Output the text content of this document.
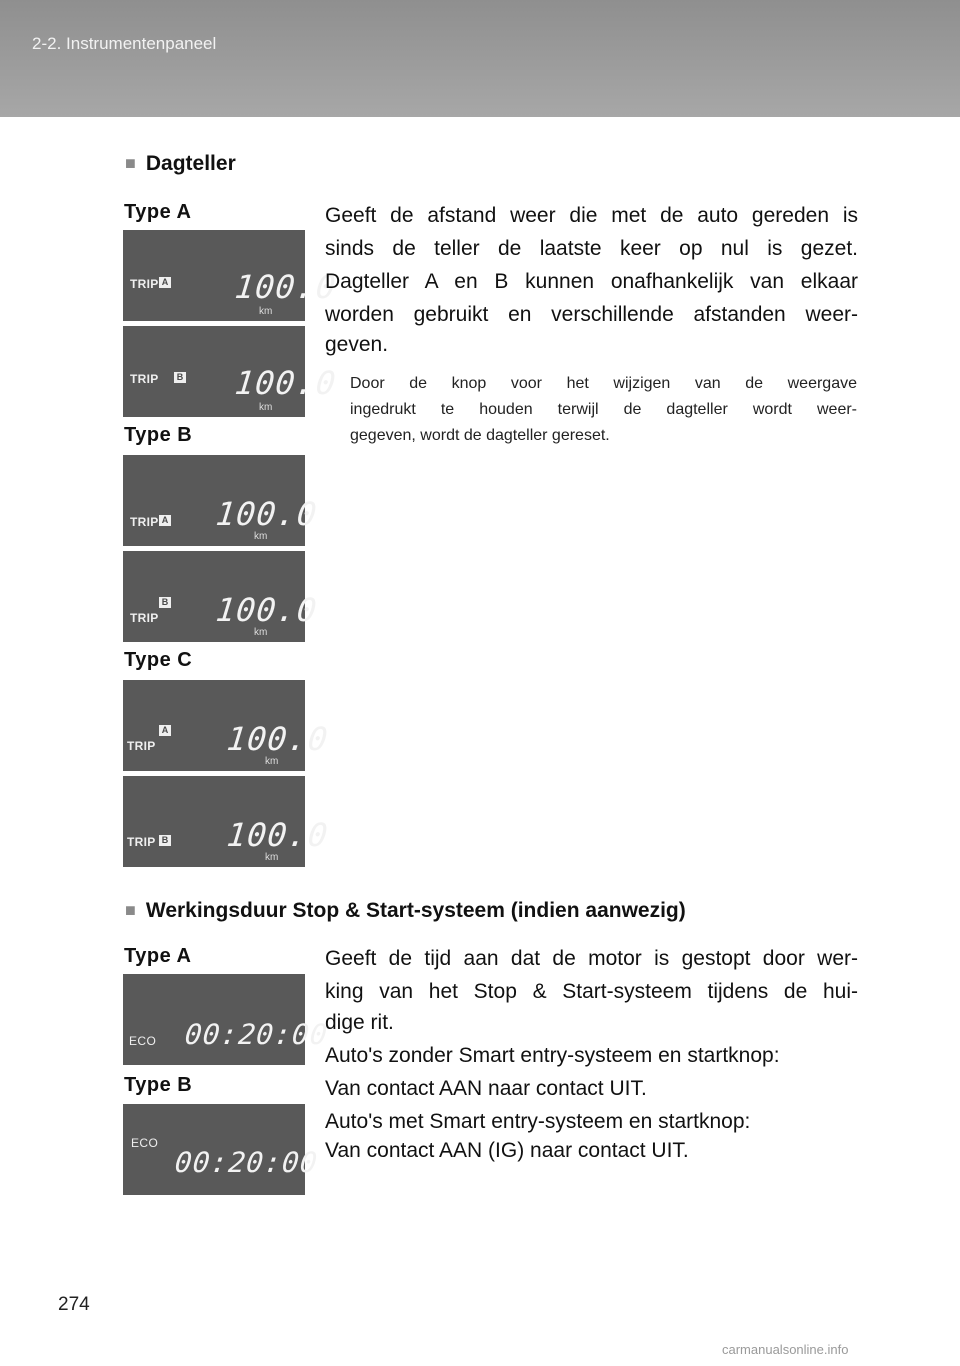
2-2. Instrumentenpaneel
■ Dagteller
Type A
Type B
Type C
TRIP A 100.0
km
TRIP	B 100.0
km
TRIP A 100.0
km
TRIP
B 100.0
km
TRIP
A 100.0
km
TRIP B 100.0
km
Geeft de afstand weer die met de auto gereden is
sinds de teller de laatste keer op nul is gezet.
Dagteller A en B kunnen onafhankelijk van elkaar
worden gebruikt en verschillende afstanden weer-
geven.
Door de knop voor het wijzigen van de weergave
ingedrukt te houden terwijl de dagteller wordt weer-
gegeven, wordt de dagteller gereset.
■ Werkingsduur Stop & Start-systeem (indien aanwezig)
Type A
Type B
ECO 00:20:00
ECO
00:20:00
Geeft de tijd aan dat de motor is gestopt door wer-
king van het Stop & Start-systeem tijdens de hui-
dige rit.
Auto's zonder Smart entry-systeem en startknop:
Van contact AAN naar contact UIT.
Auto's met Smart entry-systeem en startknop:
Van contact AAN (IG) naar contact UIT.
274
carmanualsonline.info
